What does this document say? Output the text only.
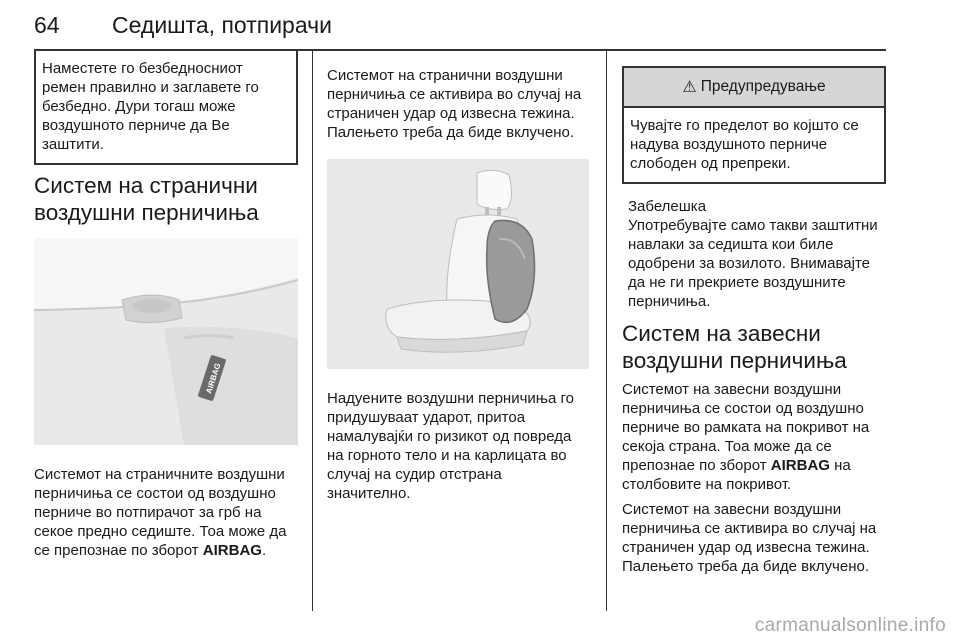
64 Седишта, потпирачи

Наместете го безбедносниот ремен правилно и заглавете го безбедно. Дури тогаш може воздушното перниче да Ве заштити.

Систем на странични воздушни перничиња
AIRBAG

Системот на страничните воздушни перничиња се состои од воздушно перниче во потпирачот за грб на секое предно седиште. Тоа може да се препознае по зборот AIRBAG.

Системот на странични воздушни перничиња се активира во случај на страничен удар од извесна тежина. Палењето треба да биде вклучено.

Надуените воздушни перничиња го придушуваат ударот, притоа намалувајќи го ризикот од повреда на горното тело и на карлицата во случај на судир отстрана значително.

⚠ Предупредување

Чувајте го пределот во којшто се надува воздушното перниче слободен од препреки.

Забелешка

Употребувајте само такви заштитни навлаки за седишта кои биле одобрени за возилото. Внимавајте да не ги прекриете воздушните перничиња.

Систем на завесни воздушни перничиња

Системот на завесни воздушни перничиња се состои од воздушно перниче во рамката на покривот на секоја страна. Тоа може да се препознае по зборот AIRBAG на столбовите на покривот.

Системот на завесни воздушни перничиња се активира во случај на страничен удар од извесна тежина. Палењето треба да биде вклучено.

carmanualsonline.info
